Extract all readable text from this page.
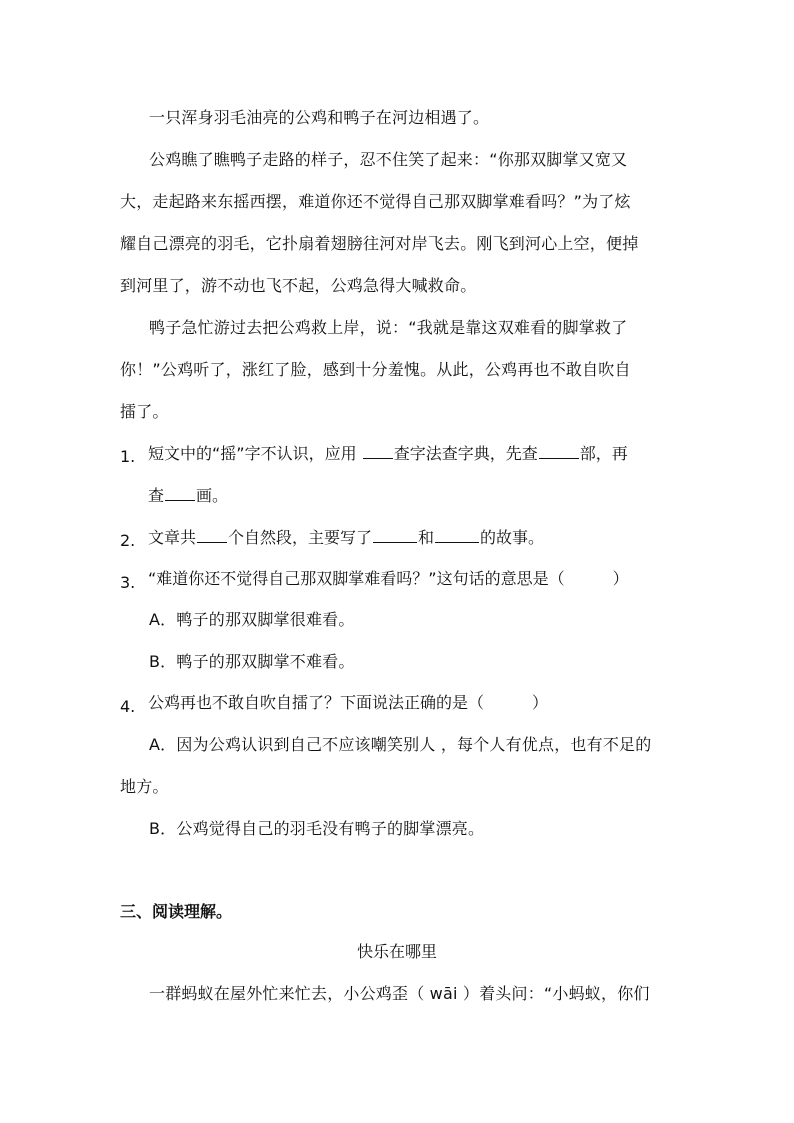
一只浑身羽毛油亮的公鸡和鸭子在河边相遇了。
公鸡瞧了瞧鸭子走路的样子，忍不住笑了起来：“你那双脚掌又宽又
大，走起路来东摇西摆，难道你还不觉得自己那双脚掌难看吗？”为了炫
耀自己漂亮的羽毛，它扑扇着翅膀往河对岸飞去。刚飞到河心上空，便掉
到河里了，游不动也飞不起，公鸡急得大喊救命。
鸭子急忙游过去把公鸡救上岸，说：“我就是靠这双难看的脚掌救了
你！”公鸡听了，涨红了脸，感到十分羞愧。从此，公鸡再也不敢自吹自
擂了。
1. 短文中的“摇”字不认识，应用 查字法查字典，先查	部，再
查 画。
2. 文章共 个自然段，主要写了	和	的故事。
3. “难道你还不觉得自己那双脚掌难看吗？”这句话的意思是（　　　）
A．鸭子的那双脚掌很难看。
B．鸭子的那双脚掌不难看。
4. 公鸡再也不敢自吹自擂了？下面说法正确的是（　　　）
A．因为公鸡认识到自己不应该嘲笑别人 ，每个人有优点，也有不足的
地方。
B．公鸡觉得自己的羽毛没有鸭子的脚掌漂亮。
三、阅读理解。
快乐在哪里
一群蚂蚁在屋外忙来忙去，小公鸡歪（ wāi ）着头问：“小蚂蚁，你们
